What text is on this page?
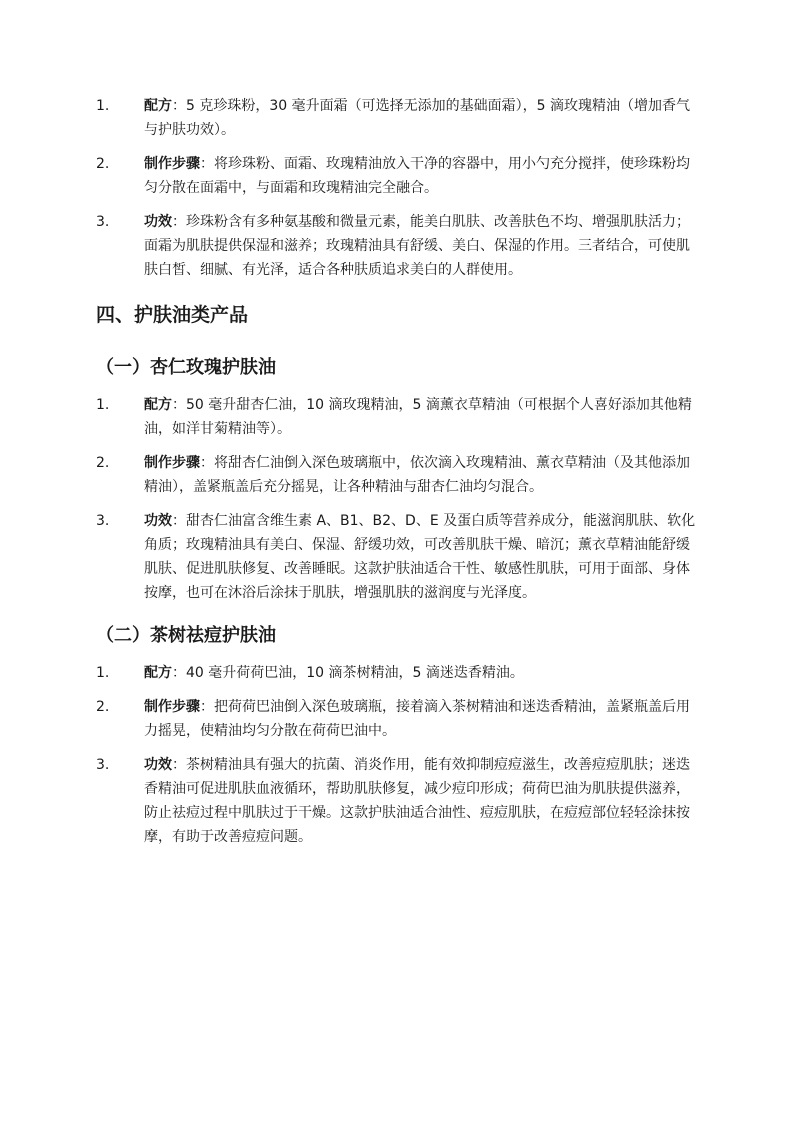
1. 配方：5 克珍珠粉，30 毫升面霜（可选择无添加的基础面霜），5 滴玫瑰精油（增加香气与护肤功效）。
2. 制作步骤：将珍珠粉、面霜、玫瑰精油放入干净的容器中，用小勺充分搅拌，使珍珠粉均匀分散在面霜中，与面霜和玫瑰精油完全融合。
3. 功效：珍珠粉含有多种氨基酸和微量元素，能美白肌肤、改善肤色不均、增强肌肤活力；面霜为肌肤提供保湿和滋养；玫瑰精油具有舒缓、美白、保湿的作用。三者结合，可使肌肤白皙、细腻、有光泽，适合各种肤质追求美白的人群使用。
四、护肤油类产品
（一）杏仁玫瑰护肤油
1. 配方：50 毫升甜杏仁油，10 滴玫瑰精油，5 滴薰衣草精油（可根据个人喜好添加其他精油，如洋甘菊精油等）。
2. 制作步骤：将甜杏仁油倒入深色玻璃瓶中，依次滴入玫瑰精油、薰衣草精油（及其他添加精油），盖紧瓶盖后充分摇晃，让各种精油与甜杏仁油均匀混合。
3. 功效：甜杏仁油富含维生素 A、B1、B2、D、E 及蛋白质等营养成分，能滋润肌肤、软化角质；玫瑰精油具有美白、保湿、舒缓功效，可改善肌肤干燥、暗沉；薰衣草精油能舒缓肌肤、促进肌肤修复、改善睡眠。这款护肤油适合干性、敏感性肌肤，可用于面部、身体按摩，也可在沐浴后涂抹于肌肤，增强肌肤的滋润度与光泽度。
（二）茶树祛痘护肤油
1. 配方：40 毫升荷荷巴油，10 滴茶树精油，5 滴迷迭香精油。
2. 制作步骤：把荷荷巴油倒入深色玻璃瓶，接着滴入茶树精油和迷迭香精油，盖紧瓶盖后用力摇晃，使精油均匀分散在荷荷巴油中。
3. 功效：茶树精油具有强大的抗菌、消炎作用，能有效抑制痘痘滋生，改善痘痘肌肤；迷迭香精油可促进肌肤血液循环，帮助肌肤修复，减少痘印形成；荷荷巴油为肌肤提供滋养，防止祛痘过程中肌肤过于干燥。这款护肤油适合油性、痘痘肌肤，在痘痘部位轻轻涂抹按摩，有助于改善痘痘问题。
